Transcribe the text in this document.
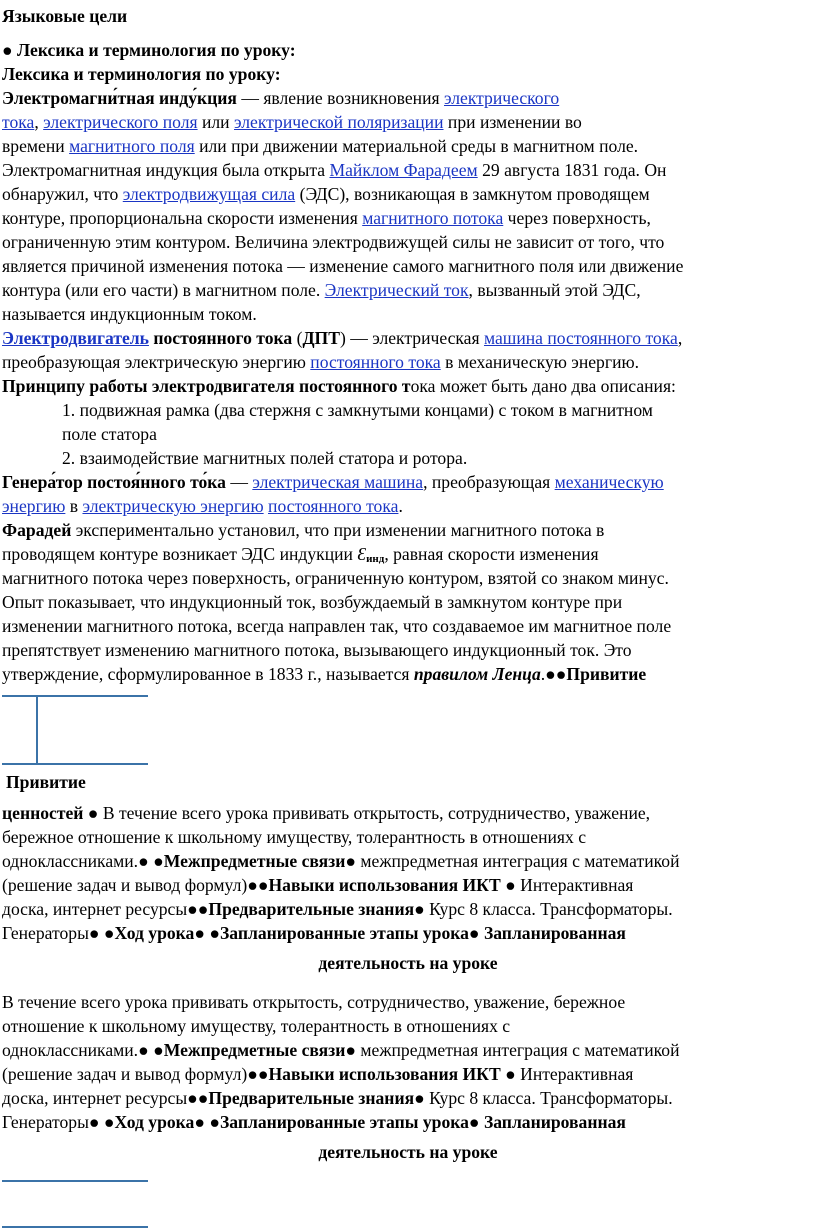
Языковые цели
● Лексика и терминология по уроку:
Лексика и терминология по уроку:
Электромагни́тная инду́кция — явление возникновения электрического
тока, электрического поля или электрической поляризации при изменении во
времени магнитного поля или при движении материальной среды в магнитном поле.
Электромагнитная индукция была открыта Майклом Фарадеем 29 августа 1831 года. Он
обнаружил, что электродвижущая сила (ЭДС), возникающая в замкнутом проводящем
контуре, пропорциональна скорости изменения магнитного потока через поверхность,
ограниченную этим контуром. Величина электродвижущей силы не зависит от того, что
является причиной изменения потока — изменение самого магнитного поля или движение
контура (или его части) в магнитном поле. Электрический ток, вызванный этой ЭДС,
называется индукционным током.
Электродвигатель постоянного тока (ДПТ) — электрическая машина постоянного тока,
преобразующая электрическую энергию постоянного тока в механическую энергию.
Принципу работы электродвигателя постоянного тока может быть дано два описания:
1. подвижная рамка (два стержня с замкнутыми концами) с током в магнитном
поле статора
2. взаимодействие магнитных полей статора и ротора.
Генера́тор постоя́нного то́ка — электрическая машина, преобразующая механическую
энергию в электрическую энергию постоянного тока.
Фарадей экспериментально установил, что при изменении магнитного потока в
проводящем контуре возникает ЭДС индукции Ɛинд, равная скорости изменения
магнитного потока через поверхность, ограниченную контуром, взятой со знаком минус.
Опыт показывает, что индукционный ток, возбуждаемый в замкнутом контуре при
изменении магнитного потока, всегда направлен так, что создаваемое им магнитное поле
препятствует изменению магнитного потока, вызывающего индукционный ток. Это
утверждение, сформулированное в 1833 г., называется правилом Ленца.●●Привитие
Привитие
ценностей ● В течение всего урока прививать открытость, сотрудничество, уважение,
бережное отношение к школьному имуществу, толерантность в отношениях с
одноклассниками.● ●Межпредметные связи● межпредметная интеграция с математикой
(решение задач и вывод формул)●●Навыки использования ИКТ ● Интерактивная
доска, интернет ресурсы●●Предварительные знания● Курс 8 класса. Трансформаторы.
Генераторы● ●Ход урока● ●Запланированные этапы урока● Запланированная
деятельность на уроке
В течение всего урока прививать открытость, сотрудничество, уважение, бережное
отношение к школьному имуществу, толерантность в отношениях с
одноклассниками.● ●Межпредметные связи● межпредметная интеграция с математикой
(решение задач и вывод формул)●●Навыки использования ИКТ ● Интерактивная
доска, интернет ресурсы●●Предварительные знания● Курс 8 класса. Трансформаторы.
Генераторы● ●Ход урока● ●Запланированные этапы урока● Запланированная
деятельность на уроке
